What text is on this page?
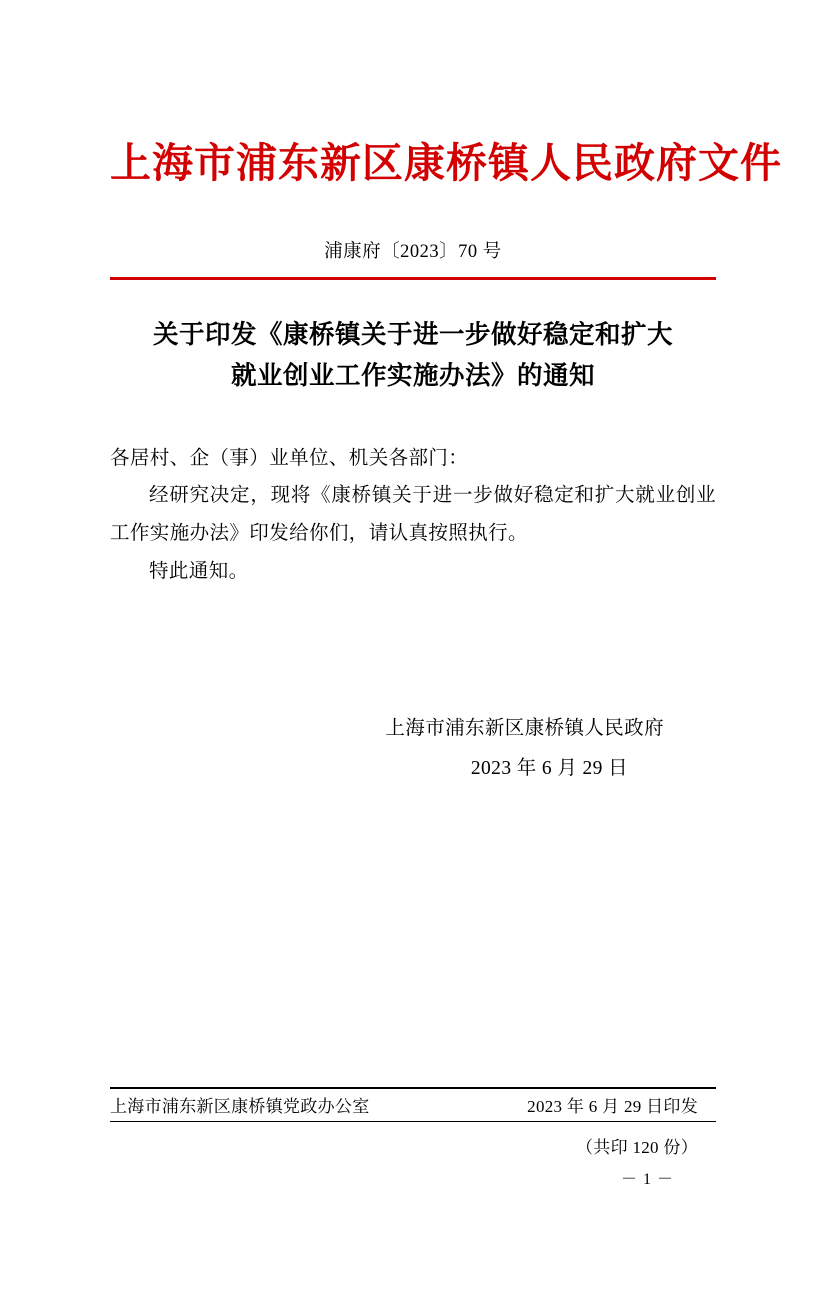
上海市浦东新区康桥镇人民政府文件
浦康府〔2023〕70 号
关于印发《康桥镇关于进一步做好稳定和扩大
就业创业工作实施办法》的通知
各居村、企（事）业单位、机关各部门：
经研究决定，现将《康桥镇关于进一步做好稳定和扩大就业创业工作实施办法》印发给你们，请认真按照执行。
特此通知。
上海市浦东新区康桥镇人民政府
2023 年 6 月 29 日
上海市浦东新区康桥镇党政办公室	2023 年 6 月 29 日印发
（共印 120 份）
－ 1 －
